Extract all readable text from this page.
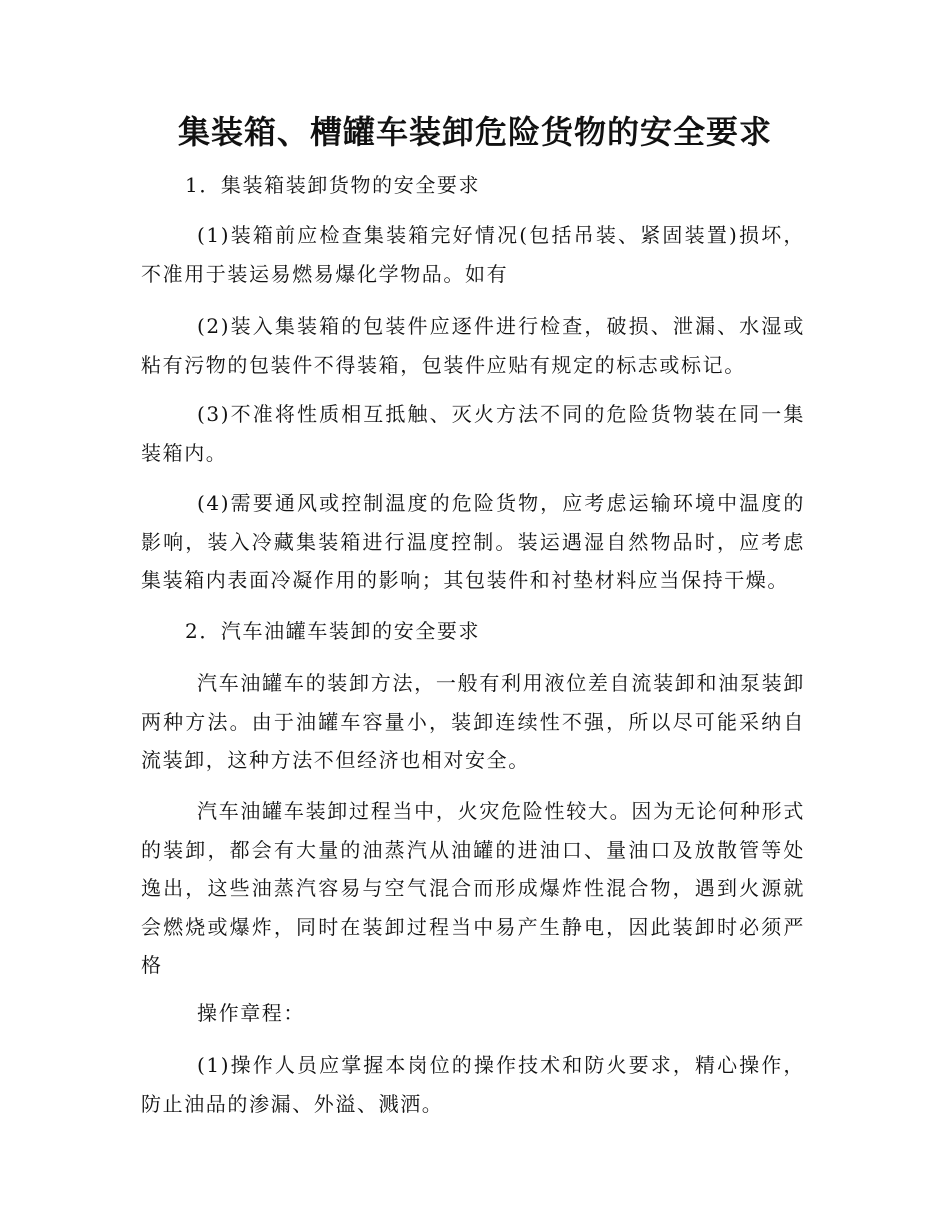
集装箱、槽罐车装卸危险货物的安全要求
1．集装箱装卸货物的安全要求
(1)装箱前应检查集装箱完好情况(包括吊装、紧固装置)损坏，不准用于装运易燃易爆化学物品。如有
(2)装入集装箱的包装件应逐件进行检查，破损、泄漏、水湿或粘有污物的包装件不得装箱，包装件应贴有规定的标志或标记。
(3)不准将性质相互抵触、灭火方法不同的危险货物装在同一集装箱内。
(4)需要通风或控制温度的危险货物，应考虑运输环境中温度的影响，装入冷藏集装箱进行温度控制。装运遇湿自然物品时，应考虑集装箱内表面冷凝作用的影响；其包装件和衬垫材料应当保持干燥。
2．汽车油罐车装卸的安全要求
汽车油罐车的装卸方法，一般有利用液位差自流装卸和油泵装卸两种方法。由于油罐车容量小，装卸连续性不强，所以尽可能采纳自流装卸，这种方法不但经济也相对安全。
汽车油罐车装卸过程当中，火灾危险性较大。因为无论何种形式的装卸，都会有大量的油蒸汽从油罐的进油口、量油口及放散管等处逸出，这些油蒸汽容易与空气混合而形成爆炸性混合物，遇到火源就会燃烧或爆炸，同时在装卸过程当中易产生静电，因此装卸时必须严格
操作章程：
(1)操作人员应掌握本岗位的操作技术和防火要求，精心操作，防止油品的渗漏、外溢、溅洒。
